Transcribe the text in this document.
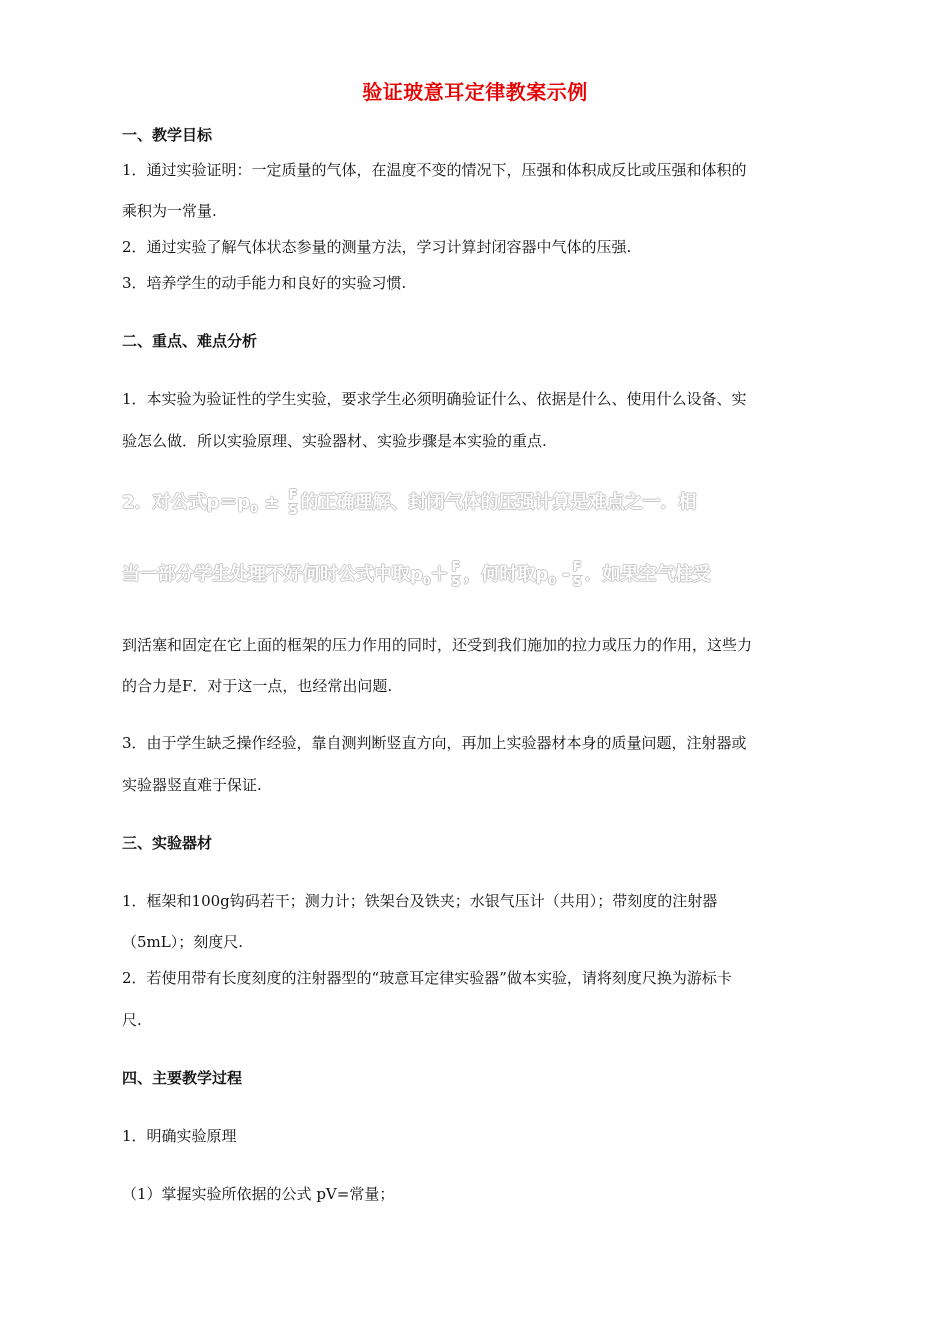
验证玻意耳定律教案示例
一、教学目标
1．通过实验证明：一定质量的气体，在温度不变的情况下，压强和体积成反比或压强和体积的
乘积为一常量.
2．通过实验了解气体状态参量的测量方法，学习计算封闭容器中气体的压强.
3．培养学生的动手能力和良好的实验习惯.
二、重点、难点分析
1．本实验为验证性的学生实验，要求学生必须明确验证什么、依据是什么、使用什么设备、实
验怎么做．所以实验原理、实验器材、实验步骤是本实验的重点.
2．对公式$p=p_0 \pm \frac{F}{S}$ 的正确理解、封闭气体的压强计算是难点之一．相
当一部分学生处理不好何时公式中取$p_0+ \frac{F}{S}$ ，何时取$p_0 - \frac{F}{S}$ ．如果空气柱受
到活塞和固定在它上面的框架的压力作用的同时，还受到我们施加的拉力或压力的作用，这些力
的合力是F．对于这一点，也经常出问题.
3．由于学生缺乏操作经验，靠自测判断竖直方向，再加上实验器材本身的质量问题，注射器或
实验器竖直难于保证.
三、实验器材
1．框架和100g钩码若干；测力计；铁架台及铁夹；水银气压计（共用）；带刻度的注射器
（5mL）；刻度尺.
2．若使用带有长度刻度的注射器型的“玻意耳定律实验器”做本实验，请将刻度尺换为游标卡
尺.
四、主要教学过程
1．明确实验原理
（1）掌握实验所依据的公式 pV=常量；
